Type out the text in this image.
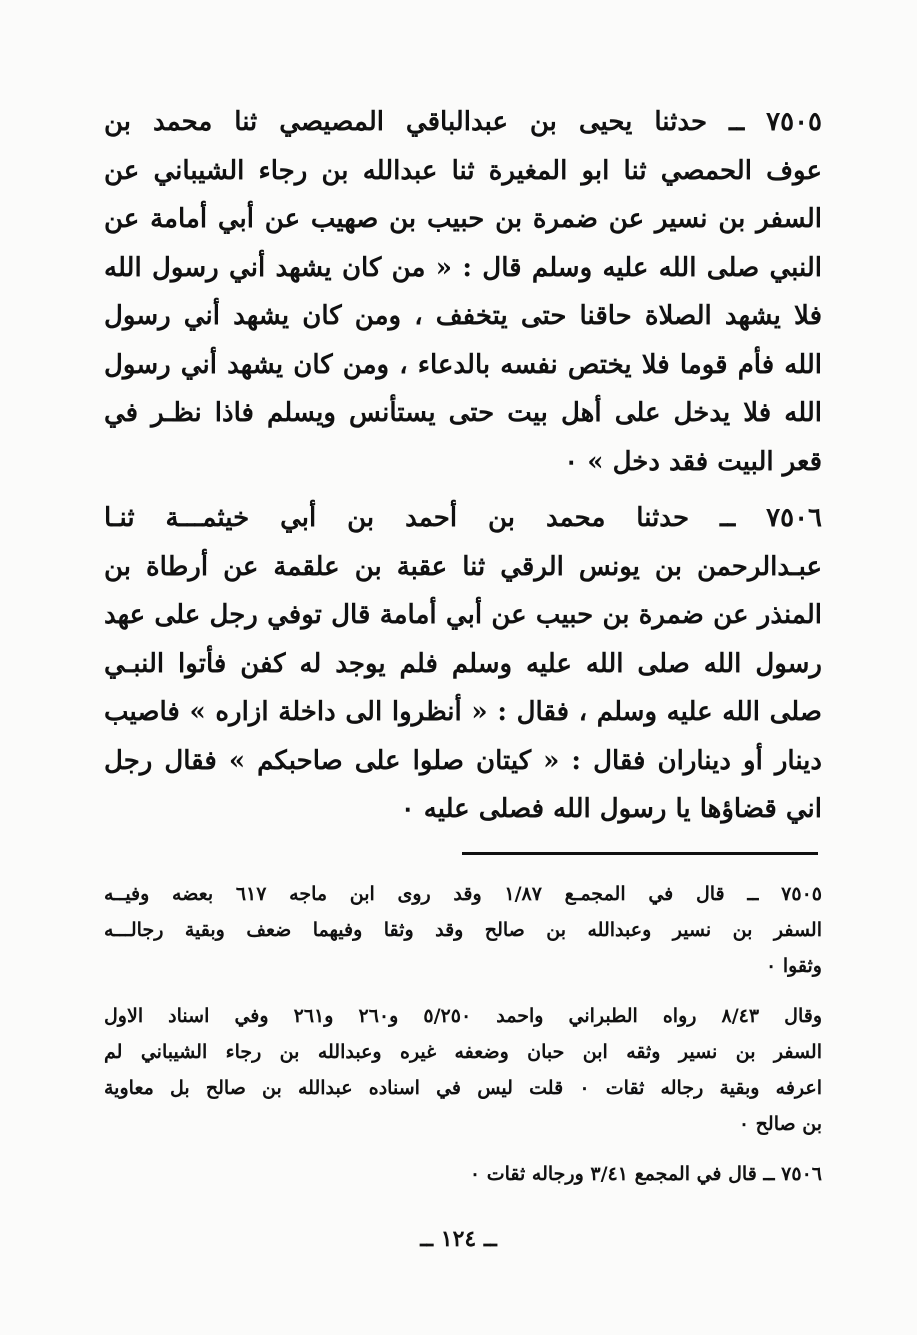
٧٥٠٥ ــ حدثنا يحيى بن عبدالباقي المصيصي ثنا محمد بن
عوف الحمصي ثنا ابو المغيرة ثنا عبدالله بن رجاء الشيباني عن
السفر بن نسير عن ضمرة بن حبيب بن صهيب عن أبي أمامة عن
النبي صلى الله عليه وسلم قال : « من كان يشهد أني رسول الله
فلا يشهد الصلاة حاقنا حتى يتخفف ، ومن كان يشهد أني رسول
الله فأم قوما فلا يختص نفسه بالدعاء ، ومن كان يشهد أني رسول
الله فلا يدخل على أهل بيت حتى يستأنس ويسلم فاذا نظـر في
قعر البيت فقد دخل » ٠
٧٥٠٦ ــ حدثنا محمد بن أحمد بن أبي خيثمـــة ثنـا
عبـدالرحمن بن يونس الرقي ثنا عقبة بن علقمة عن أرطاة بن
المنذر عن ضمرة بن حبيب عن أبي أمامة قال توفي رجل على عهد
رسول الله صلى الله عليه وسلم فلم يوجد له كفن فأتوا النبـي
صلى الله عليه وسلم ، فقال : « أنظروا الى داخلة ازاره » فاصيب
دينار أو ديناران فقال : « كيتان صلوا على صاحبكم » فقال رجل
اني قضاؤها يا رسول الله فصلى عليه ٠
٧٥٠٥ ــ قال في المجمـع ١/٨٧ وقد روى ابن ماجه ٦١٧ بعضه وفيــه
السفر بن نسير وعبدالله بن صالح وقد وثقا وفيهما ضعف وبقية رجالـــه
وثقوا ٠
وقال ٨/٤٣ رواه الطبراني واحمد ٥/٢٥٠ و٢٦٠ و٢٦١ وفي اسناد الاول
السفر بن نسير وثقه ابن حبان وضعفه غيره وعبدالله بن رجاء الشيباني لم
اعرفه وبقية رجاله ثقات ٠ قلت ليس في اسناده عبدالله بن صالح بل معاوية
بن صالح ٠
٧٥٠٦ ــ قال في المجمع ٣/٤١ ورجاله ثقات ٠
ــ ١٢٤ ــ
